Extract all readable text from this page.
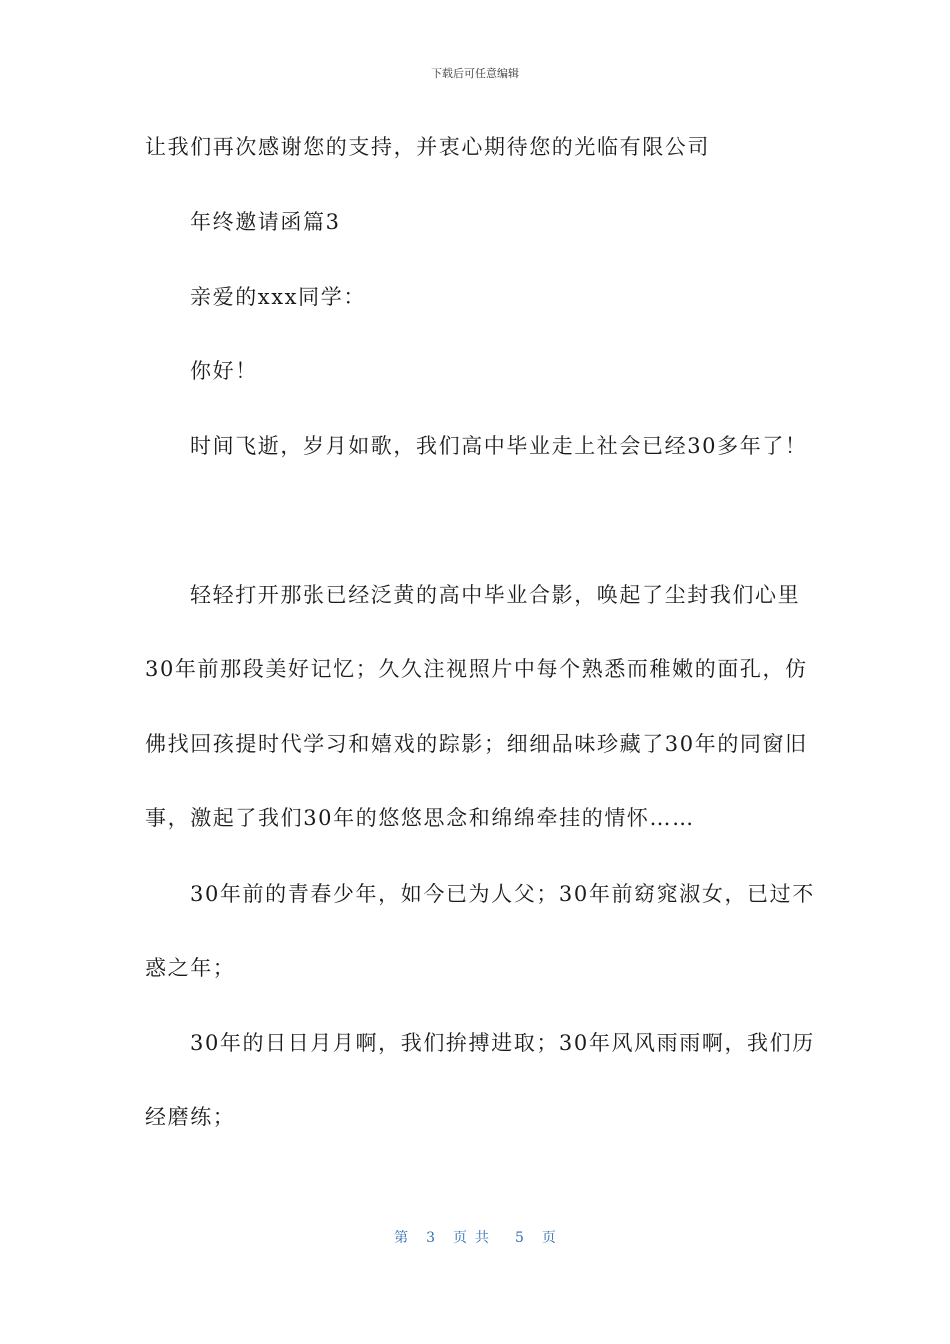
下载后可任意编辑
让我们再次感谢您的支持，并衷心期待您的光临有限公司
年终邀请函篇3
亲爱的xxx同学：
你好！
时间飞逝，岁月如歌，我们高中毕业走上社会已经30多年了！
轻轻打开那张已经泛黄的高中毕业合影，唤起了尘封我们心里
30年前那段美好记忆；久久注视照片中每个熟悉而稚嫩的面孔，仿
佛找回孩提时代学习和嬉戏的踪影；细细品味珍藏了30年的同窗旧
事，激起了我们30年的悠悠思念和绵绵牵挂的情怀……
30年前的青春少年，如今已为人父；30年前窈窕淑女，已过不
惑之年；
30年的日日月月啊，我们拚搏进取；30年风风雨雨啊，我们历
经磨练；
第 3 页共 5 页
